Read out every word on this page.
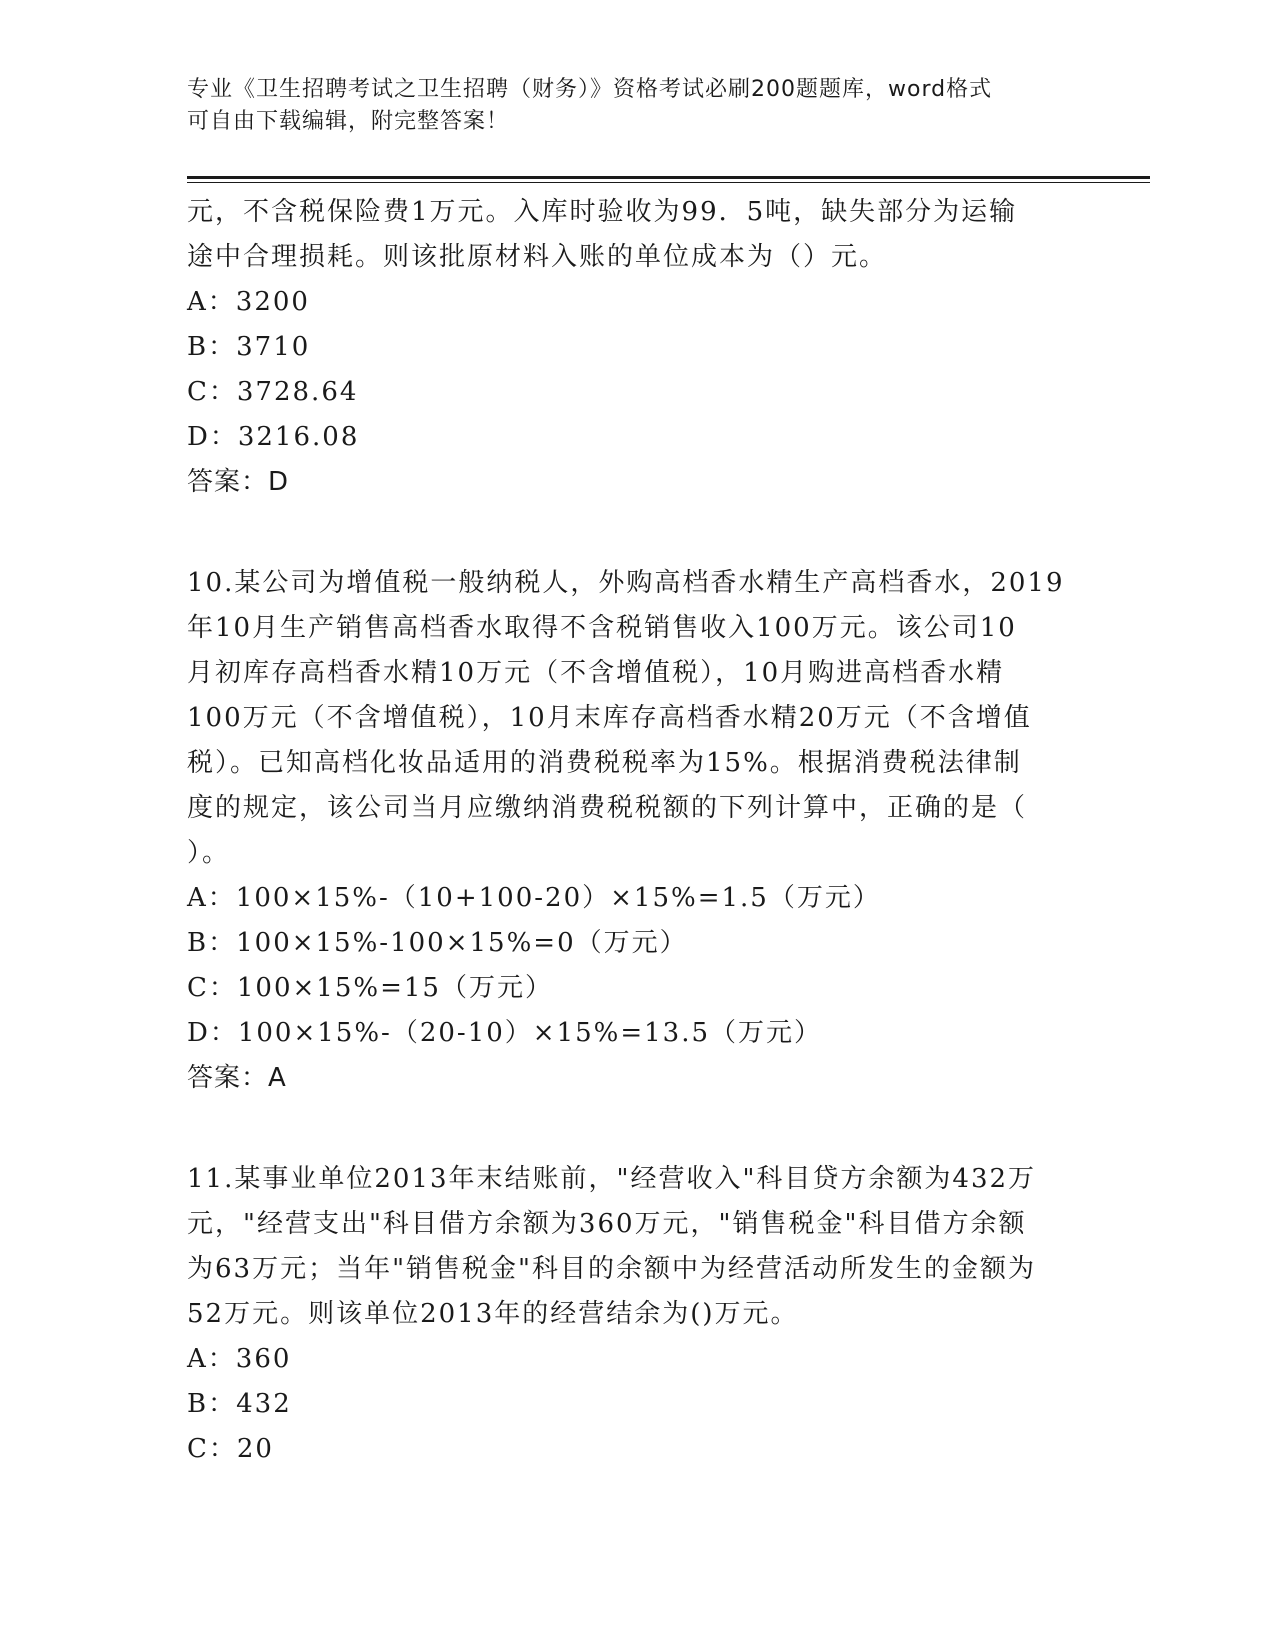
专业《卫生招聘考试之卫生招聘（财务）》资格考试必刷200题题库，word格式
可自由下载编辑，附完整答案！
元，不含税保险费1万元。入库时验收为99．5吨，缺失部分为运输
途中合理损耗。则该批原材料入账的单位成本为（）元。
A：3200
B：3710
C：3728.64
D：3216.08
答案：D
10.某公司为增值税一般纳税人，外购高档香水精生产高档香水，2019
年10月生产销售高档香水取得不含税销售收入100万元。该公司10
月初库存高档香水精10万元（不含增值税），10月购进高档香水精
100万元（不含增值税），10月末库存高档香水精20万元（不含增值
税）。已知高档化妆品适用的消费税税率为15%。根据消费税法律制
度的规定，该公司当月应缴纳消费税税额的下列计算中，正确的是（
）。
A：100×15%-（10+100-20）×15%=1.5（万元）
B：100×15%-100×15%=0（万元）
C：100×15%=15（万元）
D：100×15%-（20-10）×15%=13.5（万元）
答案：A
11.某事业单位2013年末结账前，"经营收入"科目贷方余额为432万
元，"经营支出"科目借方余额为360万元，"销售税金"科目借方余额
为63万元；当年"销售税金"科目的余额中为经营活动所发生的金额为
52万元。则该单位2013年的经营结余为()万元。
A：360
B：432
C：20
